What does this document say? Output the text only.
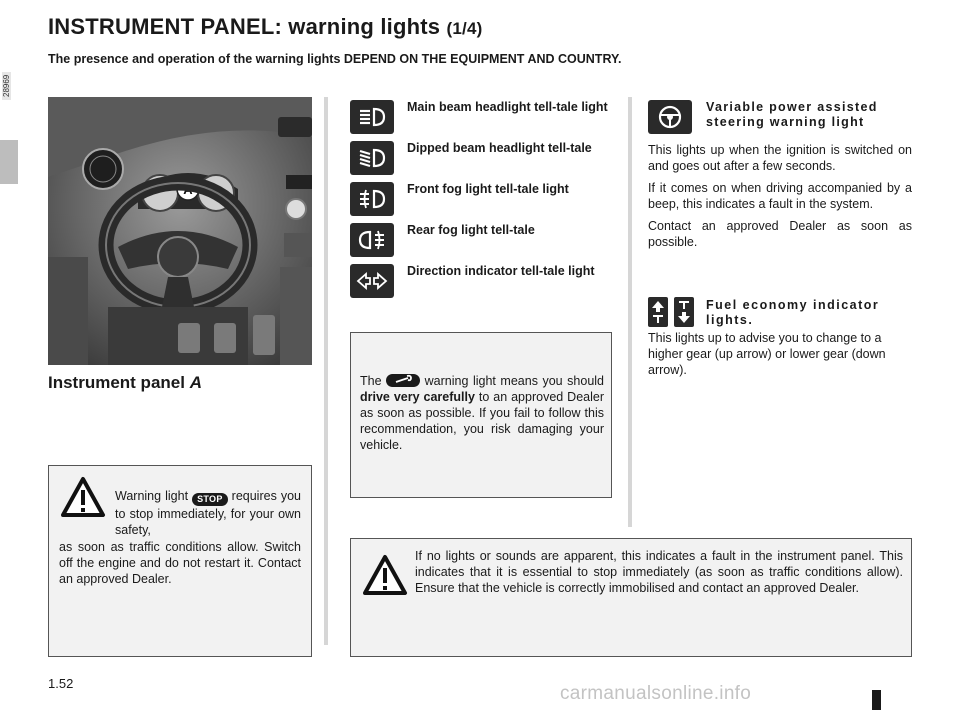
INSTRUMENT PANEL: warning lights (1/4)
The presence and operation of the warning lights DEPEND ON THE EQUIPMENT AND COUNTRY.
A
28969
Instrument panel A
Main beam headlight tell-tale light
Dipped beam headlight tell-tale
Front fog light tell-tale light
Rear fog light tell-tale
Direction indicator tell-tale light
The	warning light means you should drive very carefully to an approved Dealer as soon as possible. If you fail to follow this recommendation, you risk damaging your vehicle.
Warning light STOP requires you to stop immediately, for your own safety,
as soon as traffic conditions allow. Switch off the engine and do not restart it. Contact an approved Dealer.
If no lights or sounds are apparent, this indicates a fault in the instrument panel. This indicates that it is essential to stop immediately (as soon as traffic conditions allow). Ensure that the vehicle is correctly immobilised and contact an approved Dealer.
Variable power assisted steering warning light

This lights up when the ignition is switched on and goes out after a few seconds.

If it comes on when driving accompanied by a beep, this indicates a fault in the system.

Contact an approved Dealer as soon as possible.

Fuel economy indicator lights.
This lights up to advise you to change to a higher gear (up arrow) or lower gear (down arrow).
1.52	carmanualsonline.info
